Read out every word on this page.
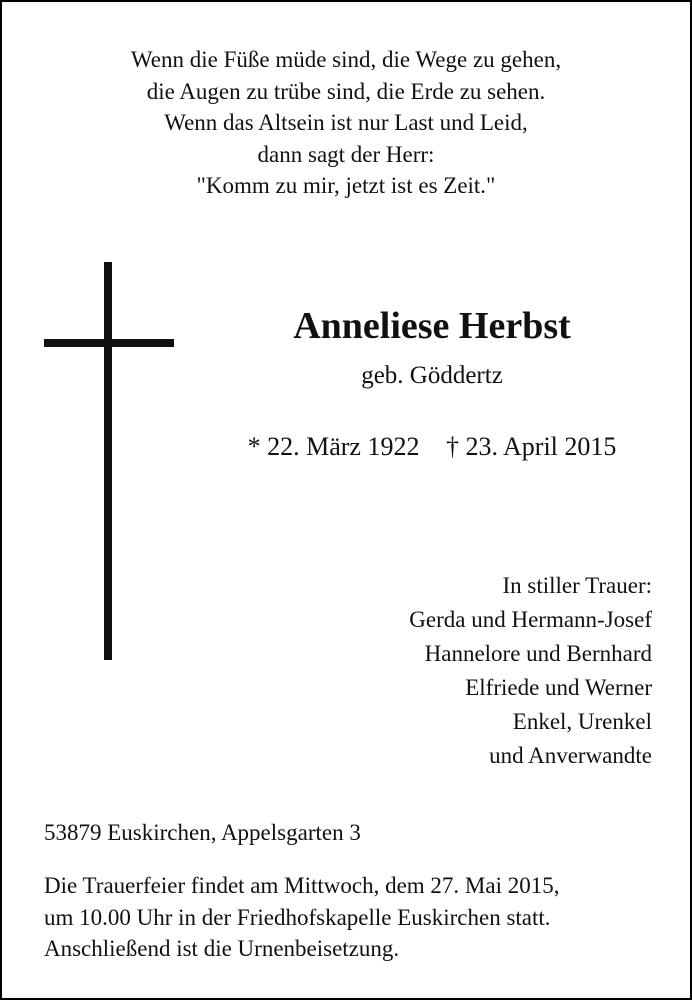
Wenn die Füße müde sind, die Wege zu gehen,
die Augen zu trübe sind, die Erde zu sehen.
Wenn das Altsein ist nur Last und Leid,
dann sagt der Herr:
"Komm zu mir, jetzt ist es Zeit."
Anneliese Herbst
geb. Göddertz
* 22. März 1922 † 23. April 2015
In stiller Trauer:
Gerda und Hermann-Josef
Hannelore und Bernhard
Elfriede und Werner
Enkel, Urenkel
und Anverwandte
53879 Euskirchen, Appelsgarten 3
Die Trauerfeier findet am Mittwoch, dem 27. Mai 2015,
um 10.00 Uhr in der Friedhofskapelle Euskirchen statt.
Anschließend ist die Urnenbeisetzung.
